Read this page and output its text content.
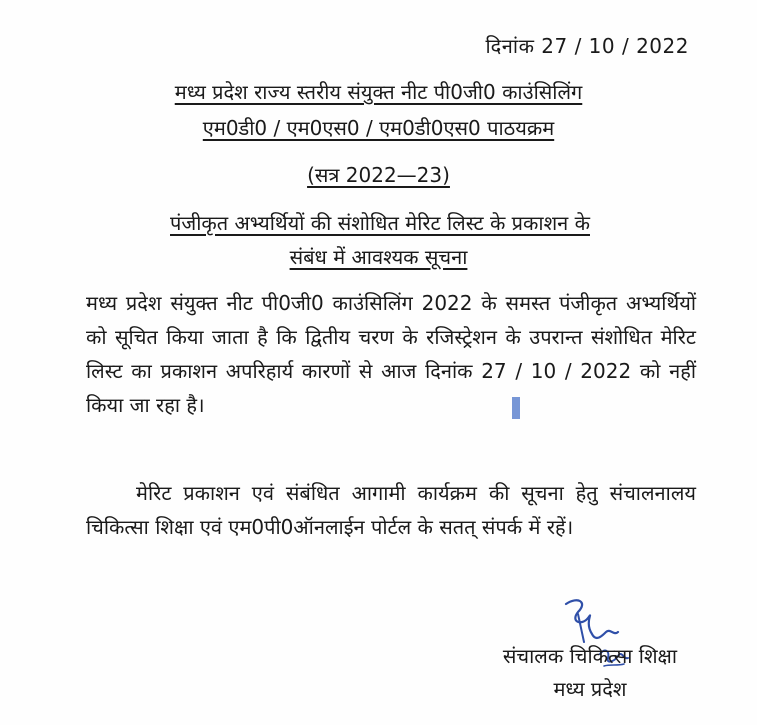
दिनांक 27 / 10 / 2022
मध्य प्रदेश राज्य स्तरीय संयुक्त नीट पी0जी0 काउंसिलिंग
एम0डी0 / एम0एस0 / एम0डी0एस0 पाठयक्रम
(सत्र 2022—23)
पंजीकृत अभ्यर्थियों की संशोधित मेरिट लिस्ट के प्रकाशन के
संबंध में आवश्यक सूचना
मध्य प्रदेश संयुक्त नीट पी0जी0 काउंसिलिंग 2022 के समस्त पंजीकृत अभ्यर्थियों को सूचित किया जाता है कि द्वितीय चरण के रजिस्ट्रेशन के उपरान्त संशोधित मेरिट लिस्ट का प्रकाशन अपरिहार्य कारणों से आज दिनांक 27 / 10 / 2022 को नहीं किया जा रहा है।
मेरिट प्रकाशन एवं संबंधित आगामी कार्यक्रम की सूचना हेतु संचालनालय चिकित्सा शिक्षा एवं एम0पी0ऑनलाईन पोर्टल के सतत् संपर्क में रहें।
संचालक चिकित्सा शिक्षा
मध्य प्रदेश
